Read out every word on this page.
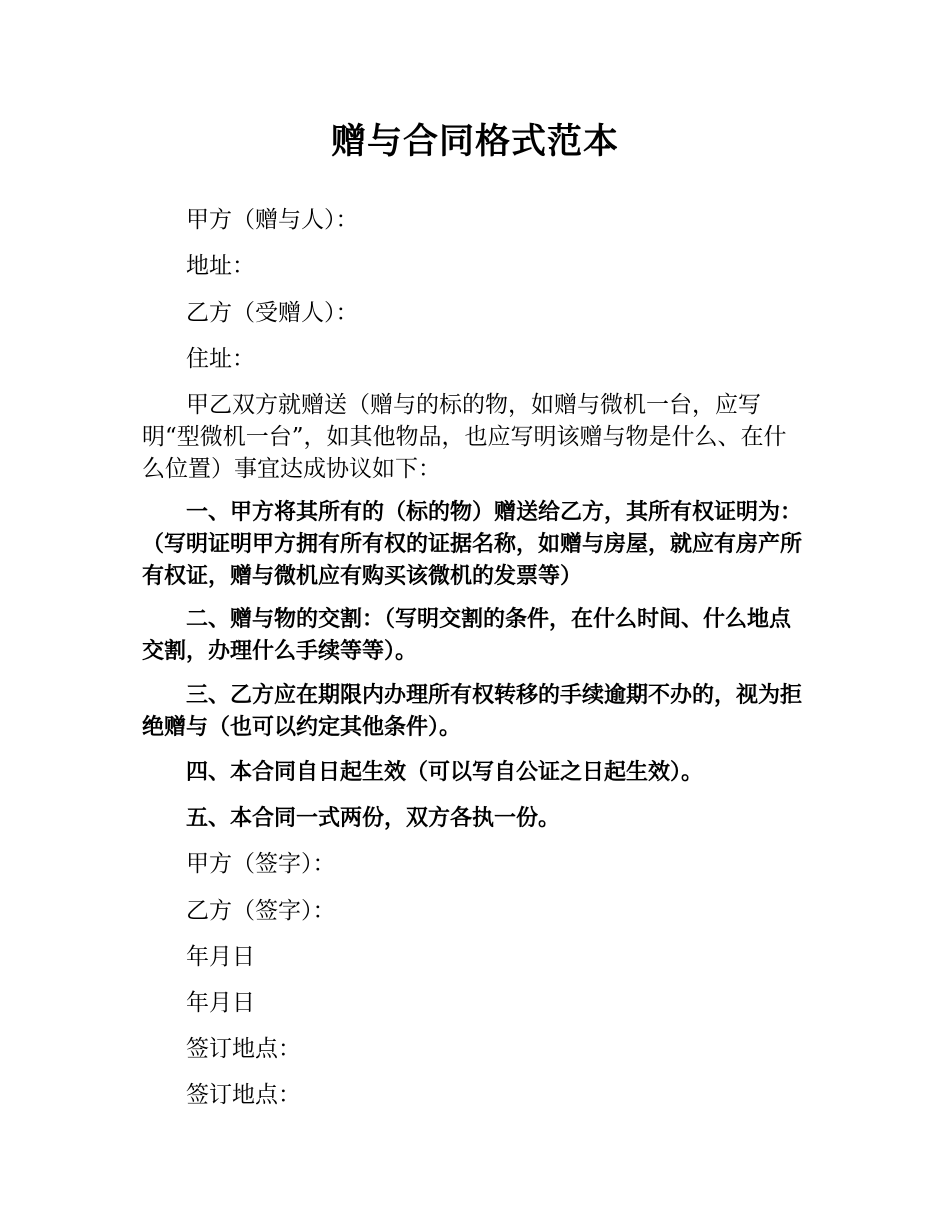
赠与合同格式范本
甲方（赠与人）：
地址：
乙方（受赠人）：
住址：
甲乙双方就赠送（赠与的标的物，如赠与微机一台，应写明“型微机一台”，如其他物品，也应写明该赠与物是什么、在什么位置）事宜达成协议如下：
一、甲方将其所有的（标的物）赠送给乙方，其所有权证明为：（写明证明甲方拥有所有权的证据名称，如赠与房屋，就应有房产所有权证，赠与微机应有购买该微机的发票等）
二、赠与物的交割：（写明交割的条件，在什么时间、什么地点交割，办理什么手续等等）。
三、乙方应在期限内办理所有权转移的手续逾期不办的，视为拒绝赠与（也可以约定其他条件）。
四、本合同自日起生效（可以写自公证之日起生效）。
五、本合同一式两份，双方各执一份。
甲方（签字）：
乙方（签字）：
年月日
年月日
签订地点：
签订地点：
